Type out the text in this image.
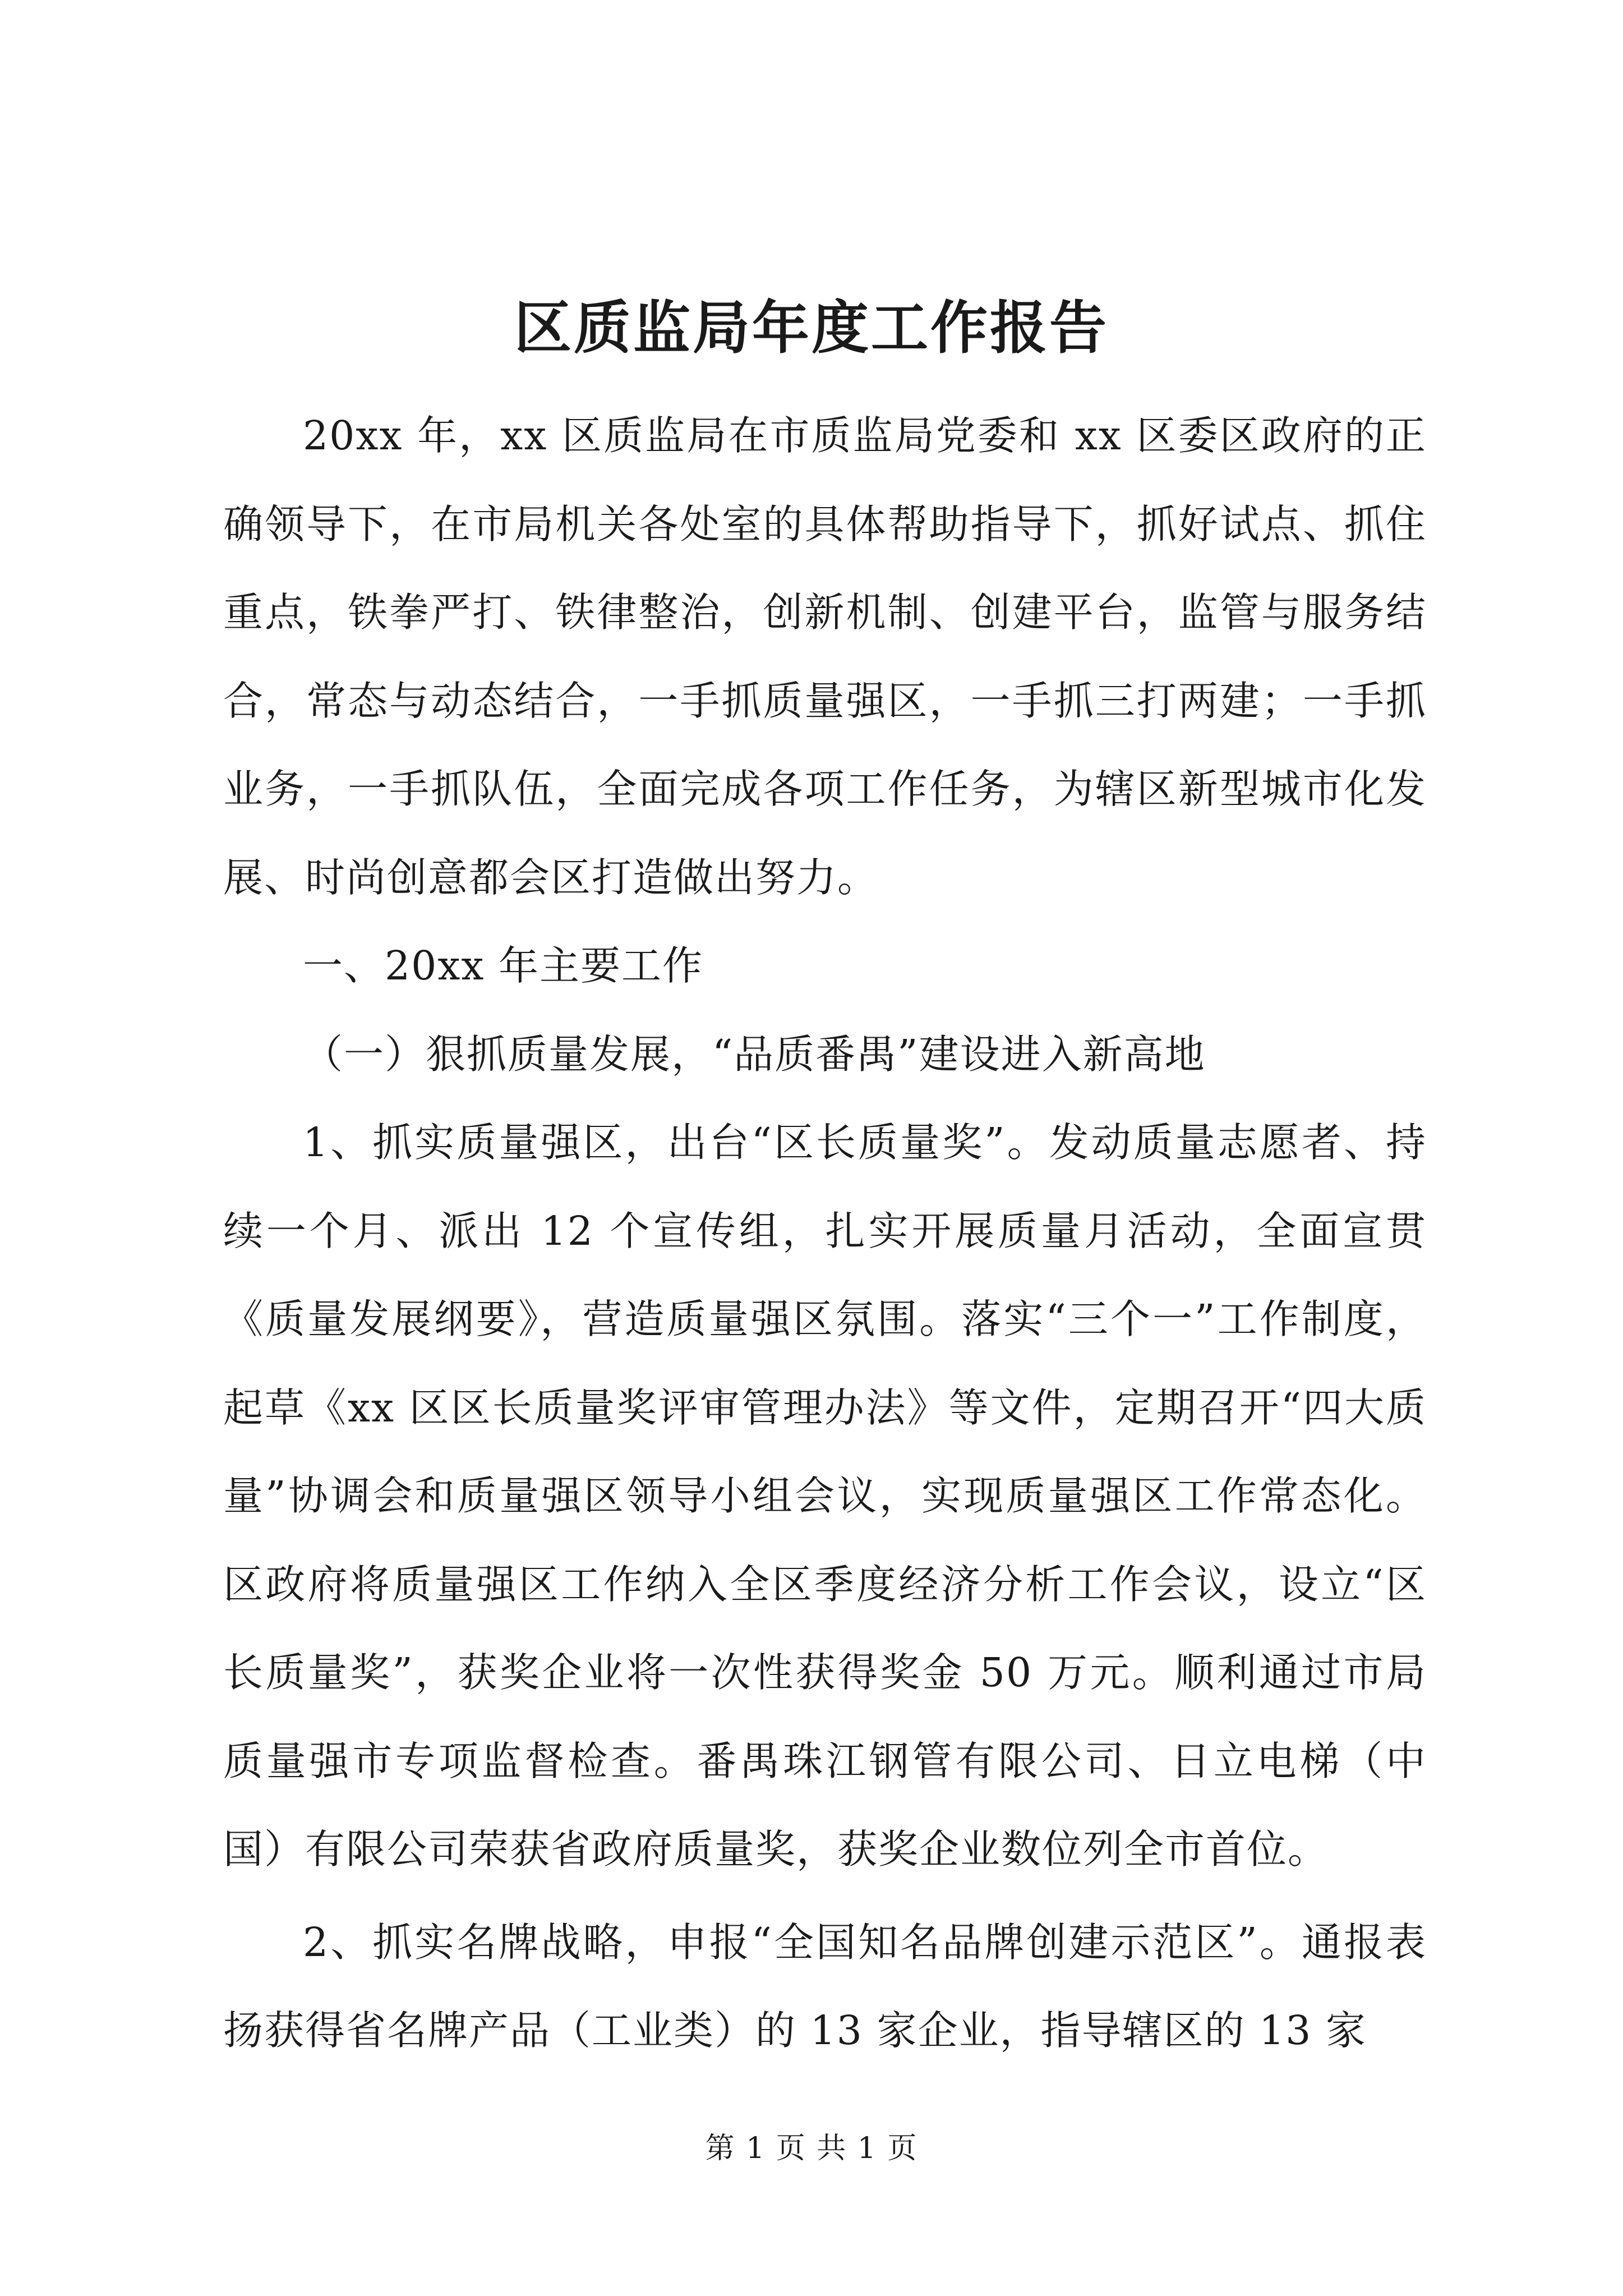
区质监局年度工作报告

20xx 年，xx 区质监局在市质监局党委和 xx 区委区政府的正确领导下，在市局机关各处室的具体帮助指导下，抓好试点、抓住重点，铁拳严打、铁律整治，创新机制、创建平台，监管与服务结合，常态与动态结合，一手抓质量强区，一手抓三打两建；一手抓业务，一手抓队伍，全面完成各项工作任务，为辖区新型城市化发展、时尚创意都会区打造做出努力。

一、20xx 年主要工作

（一）狠抓质量发展，“品质番禺”建设进入新高地

1、抓实质量强区，出台“区长质量奖”。发动质量志愿者、持续一个月、派出 12 个宣传组，扎实开展质量月活动，全面宣贯《质量发展纲要》，营造质量强区氛围。落实“三个一”工作制度，起草《xx 区区长质量奖评审管理办法》等文件，定期召开“四大质量”协调会和质量强区领导小组会议，实现质量强区工作常态化。区政府将质量强区工作纳入全区季度经济分析工作会议，设立“区长质量奖”，获奖企业将一次性获得奖金 50 万元。顺利通过市局质量强市专项监督检查。番禺珠江钢管有限公司、日立电梯（中国）有限公司荣获省政府质量奖，获奖企业数位列全市首位。

2、抓实名牌战略，申报“全国知名品牌创建示范区”。通报表扬获得省名牌产品（工业类）的 13 家企业，指导辖区的 13 家

第 1 页 共 1 页
